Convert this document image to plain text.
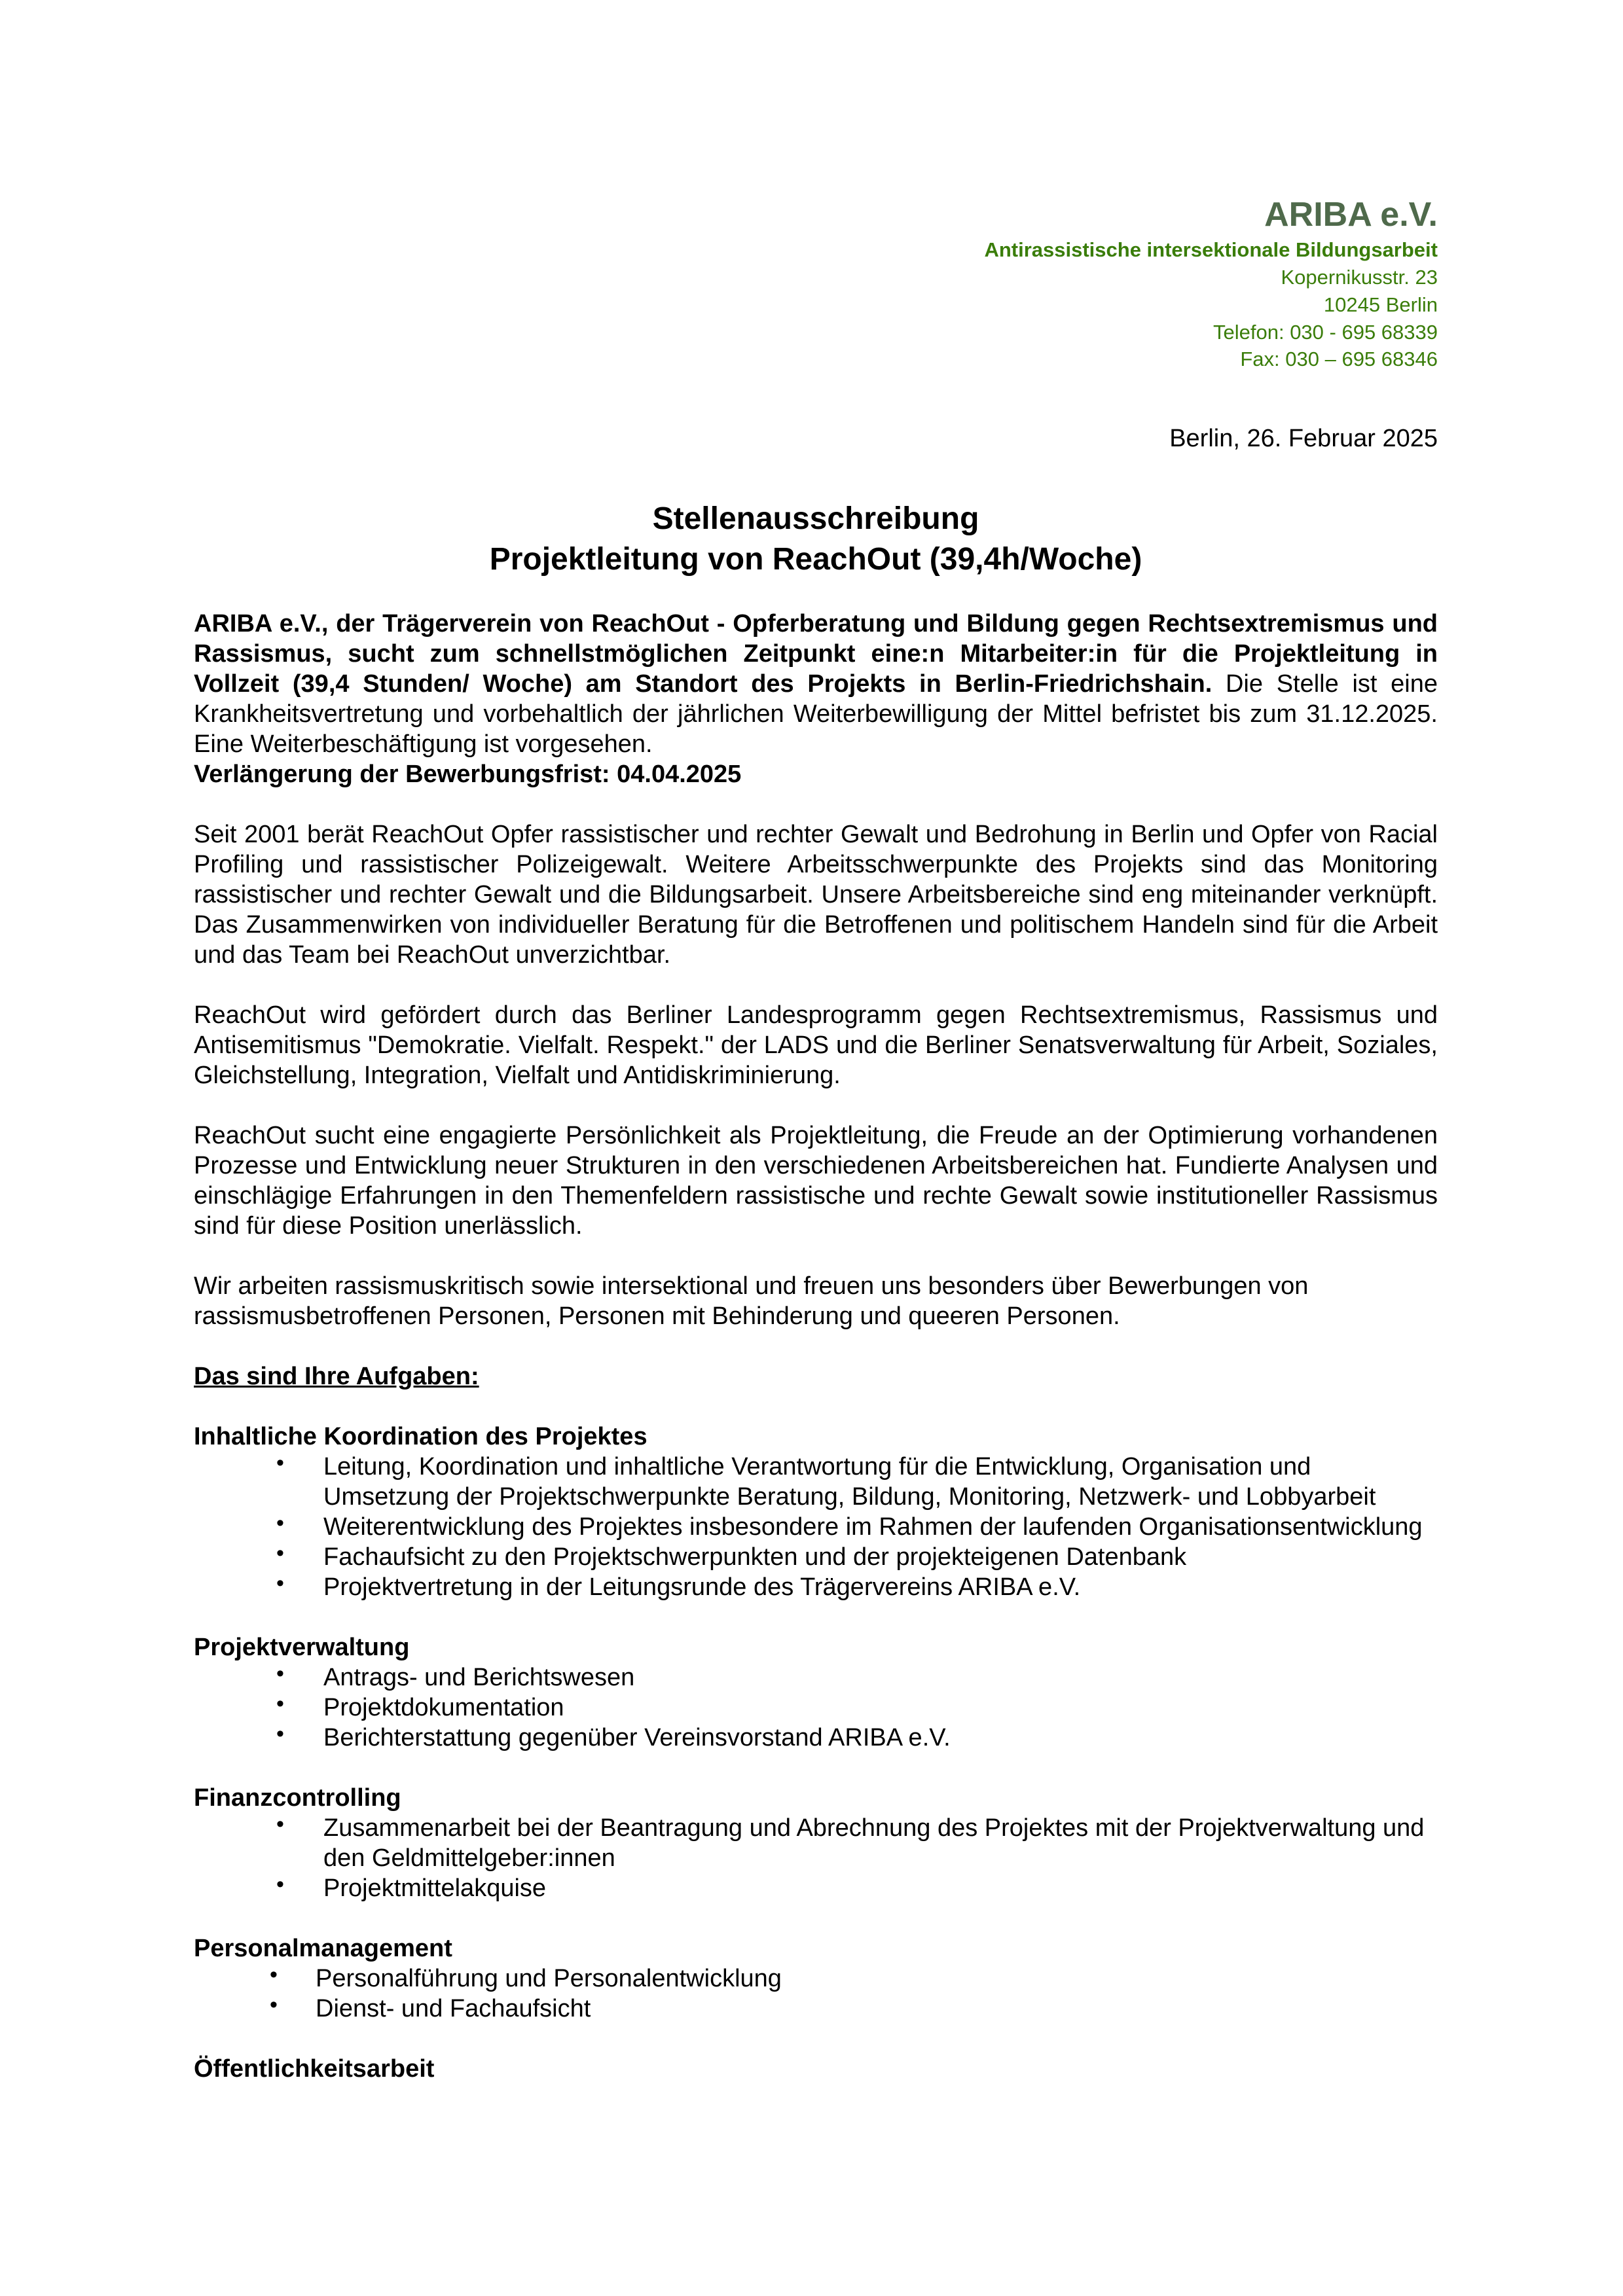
ARIBA e.V.
Antirassistische intersektionale Bildungsarbeit
Kopernikusstr. 23
10245 Berlin
Telefon: 030 - 695 68339
Fax: 030 – 695 68346
Berlin, 26. Februar 2025
Stellenausschreibung
Projektleitung von ReachOut (39,4h/Woche)

ARIBA e.V., der Trägerverein von ReachOut - Opferberatung und Bildung gegen Rechtsextremismus und Rassismus, sucht zum schnellstmöglichen Zeitpunkt eine:n Mitarbeiter:in für die Projektleitung in Vollzeit (39,4 Stunden/ Woche) am Standort des Projekts in Berlin-Friedrichshain. Die Stelle ist eine Krankheitsvertretung und vorbehaltlich der jährlichen Weiterbewilligung der Mittel befristet bis zum 31.12.2025. Eine Weiterbeschäftigung ist vorgesehen.
Verlängerung der Bewerbungsfrist: 04.04.2025

Seit 2001 berät ReachOut Opfer rassistischer und rechter Gewalt und Bedrohung in Berlin und Opfer von Racial Profiling und rassistischer Polizeigewalt. Weitere Arbeitsschwerpunkte des Projekts sind das Monitoring rassistischer und rechter Gewalt und die Bildungsarbeit. Unsere Arbeitsbereiche sind eng miteinander verknüpft. Das Zusammenwirken von individueller Beratung für die Betroffenen und politischem Handeln sind für die Arbeit und das Team bei ReachOut unverzichtbar.

ReachOut wird gefördert durch das Berliner Landesprogramm gegen Rechtsextremismus, Rassismus und Antisemitismus "Demokratie. Vielfalt. Respekt." der LADS und die Berliner Senatsverwaltung für Arbeit, Soziales, Gleichstellung, Integration, Vielfalt und Antidiskriminierung.

ReachOut sucht eine engagierte Persönlichkeit als Projektleitung, die Freude an der Optimierung vorhandenen Prozesse und Entwicklung neuer Strukturen in den verschiedenen Arbeitsbereichen hat. Fundierte Analysen und einschlägige Erfahrungen in den Themenfeldern rassistische und rechte Gewalt sowie institutioneller Rassismus sind für diese Position unerlässlich.

Wir arbeiten rassismuskritisch sowie intersektional und freuen uns besonders über Bewerbungen von rassismusbetroffenen Personen, Personen mit Behinderung und queeren Personen.

Das sind Ihre Aufgaben:
Inhaltliche Koordination des Projektes
• Leitung, Koordination und inhaltliche Verantwortung für die Entwicklung, Organisation und Umsetzung der Projektschwerpunkte Beratung, Bildung, Monitoring, Netzwerk- und Lobbyarbeit
• Weiterentwicklung des Projektes insbesondere im Rahmen der laufenden Organisationsentwicklung
• Fachaufsicht zu den Projektschwerpunkten und der projekteigenen Datenbank
• Projektvertretung in der Leitungsrunde des Trägervereins ARIBA e.V.
Projektverwaltung
• Antrags- und Berichtswesen
• Projektdokumentation
• Berichterstattung gegenüber Vereinsvorstand ARIBA e.V.
Finanzcontrolling
• Zusammenarbeit bei der Beantragung und Abrechnung des Projektes mit der Projektverwaltung und den Geldmittelgeber:innen
• Projektmittelakquise
Personalmanagement
• Personalführung und Personalentwicklung
• Dienst- und Fachaufsicht
Öffentlichkeitsarbeit
